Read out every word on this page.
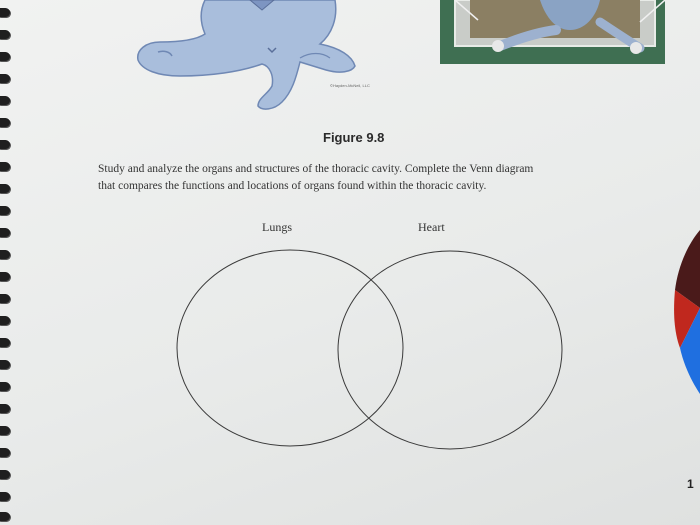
©Hayden-McNeil, LLC
Figure 9.8
Study and analyze the organs and structures of the thoracic cavity. Complete the Venn diagram
that compares the functions and locations of organs found within the thoracic cavity.
Lungs	Heart
1
